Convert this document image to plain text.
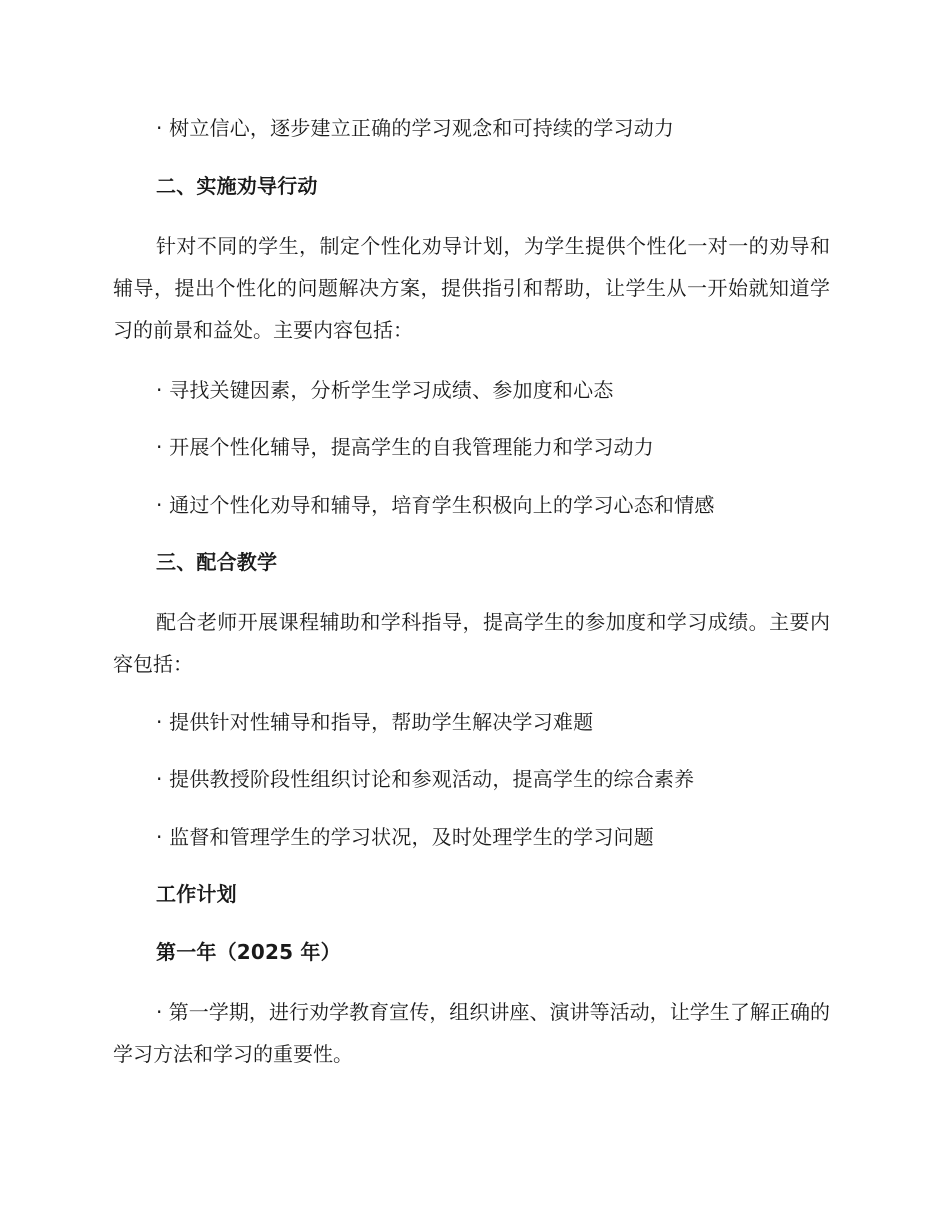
· 树立信心，逐步建立正确的学习观念和可持续的学习动力
二、实施劝导行动

针对不同的学生，制定个性化劝导计划，为学生提供个性化一对一的劝导和辅导，提出个性化的问题解决方案，提供指引和帮助，让学生从一开始就知道学习的前景和益处。主要内容包括：

· 寻找关键因素，分析学生学习成绩、参加度和心态
· 开展个性化辅导，提高学生的自我管理能力和学习动力
· 通过个性化劝导和辅导，培育学生积极向上的学习心态和情感
三、配合教学

配合老师开展课程辅助和学科指导，提高学生的参加度和学习成绩。主要内容包括：

· 提供针对性辅导和指导，帮助学生解决学习难题
· 提供教授阶段性组织讨论和参观活动，提高学生的综合素养
· 监督和管理学生的学习状况，及时处理学生的学习问题
工作计划
第一年（2025 年）

· 第一学期，进行劝学教育宣传，组织讲座、演讲等活动，让学生了解正确的学习方法和学习的重要性。
